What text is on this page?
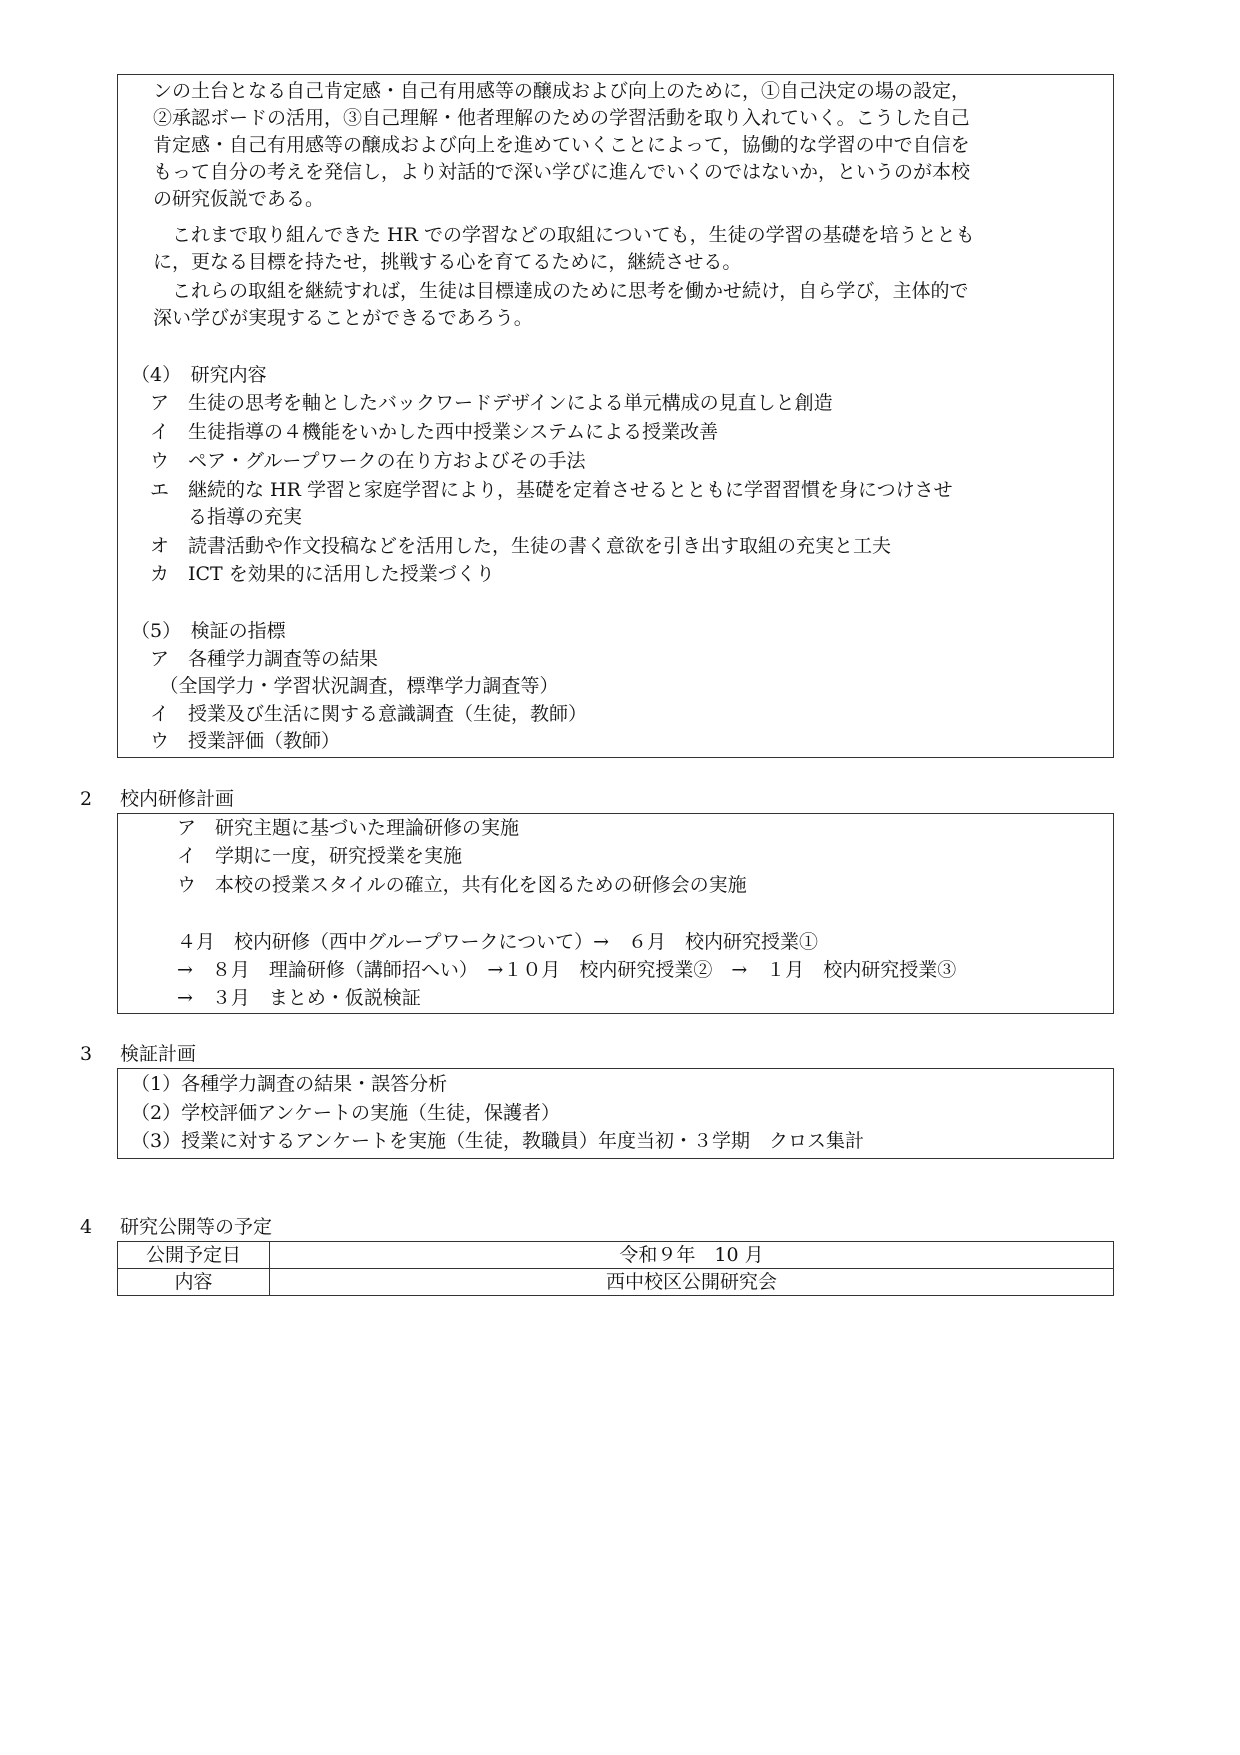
ンの土台となる自己肯定感・自己有用感等の醸成および向上のために，①自己決定の場の設定，
②承認ボードの活用，③自己理解・他者理解のための学習活動を取り入れていく。こうした自己
肯定感・自己有用感等の醸成および向上を進めていくことによって，協働的な学習の中で自信を
もって自分の考えを発信し，より対話的で深い学びに進んでいくのではないか，というのが本校
の研究仮説である。
　これまで取り組んできた HR での学習などの取組についても，生徒の学習の基礎を培うととも
に，更なる目標を持たせ，挑戦する心を育てるために，継続させる。
　これらの取組を継続すれば，生徒は目標達成のために思考を働かせ続け，自ら学び，主体的で
深い学びが実現することができるであろう。
（4）　研究内容
　ア　生徒の思考を軸としたバックワードデザインによる単元構成の見直しと創造
　イ　生徒指導の４機能をいかした西中授業システムによる授業改善
　ウ　ペア・グループワークの在り方およびその手法
　エ　継続的な HR 学習と家庭学習により，基礎を定着させるとともに学習習慣を身につけさせ
　　　る指導の充実
　オ　読書活動や作文投稿などを活用した，生徒の書く意欲を引き出す取組の充実と工夫
　カ　ICT を効果的に活用した授業づくり
（5）　検証の指標
　ア　各種学力調査等の結果
　　（全国学力・学習状況調査，標準学力調査等）
　イ　授業及び生活に関する意識調査（生徒，教師）
　ウ　授業評価（教師）
2 校内研修計画
ア　研究主題に基づいた理論研修の実施
イ　学期に一度，研究授業を実施
ウ　本校の授業スタイルの確立，共有化を図るための研修会の実施
４月　校内研修（西中グループワークについて）→　６月　校内研究授業①
→　８月　理論研修（講師招へい）　→１０月　校内研究授業②　→　１月　校内研究授業③
→　３月　まとめ・仮説検証
3 検証計画
（1）各種学力調査の結果・誤答分析
（2）学校評価アンケートの実施（生徒，保護者）
（3）授業に対するアンケートを実施（生徒，教職員）年度当初・３学期　クロス集計
4 研究公開等の予定
公開予定日	令和９年　10 月
内容	西中校区公開研究会
